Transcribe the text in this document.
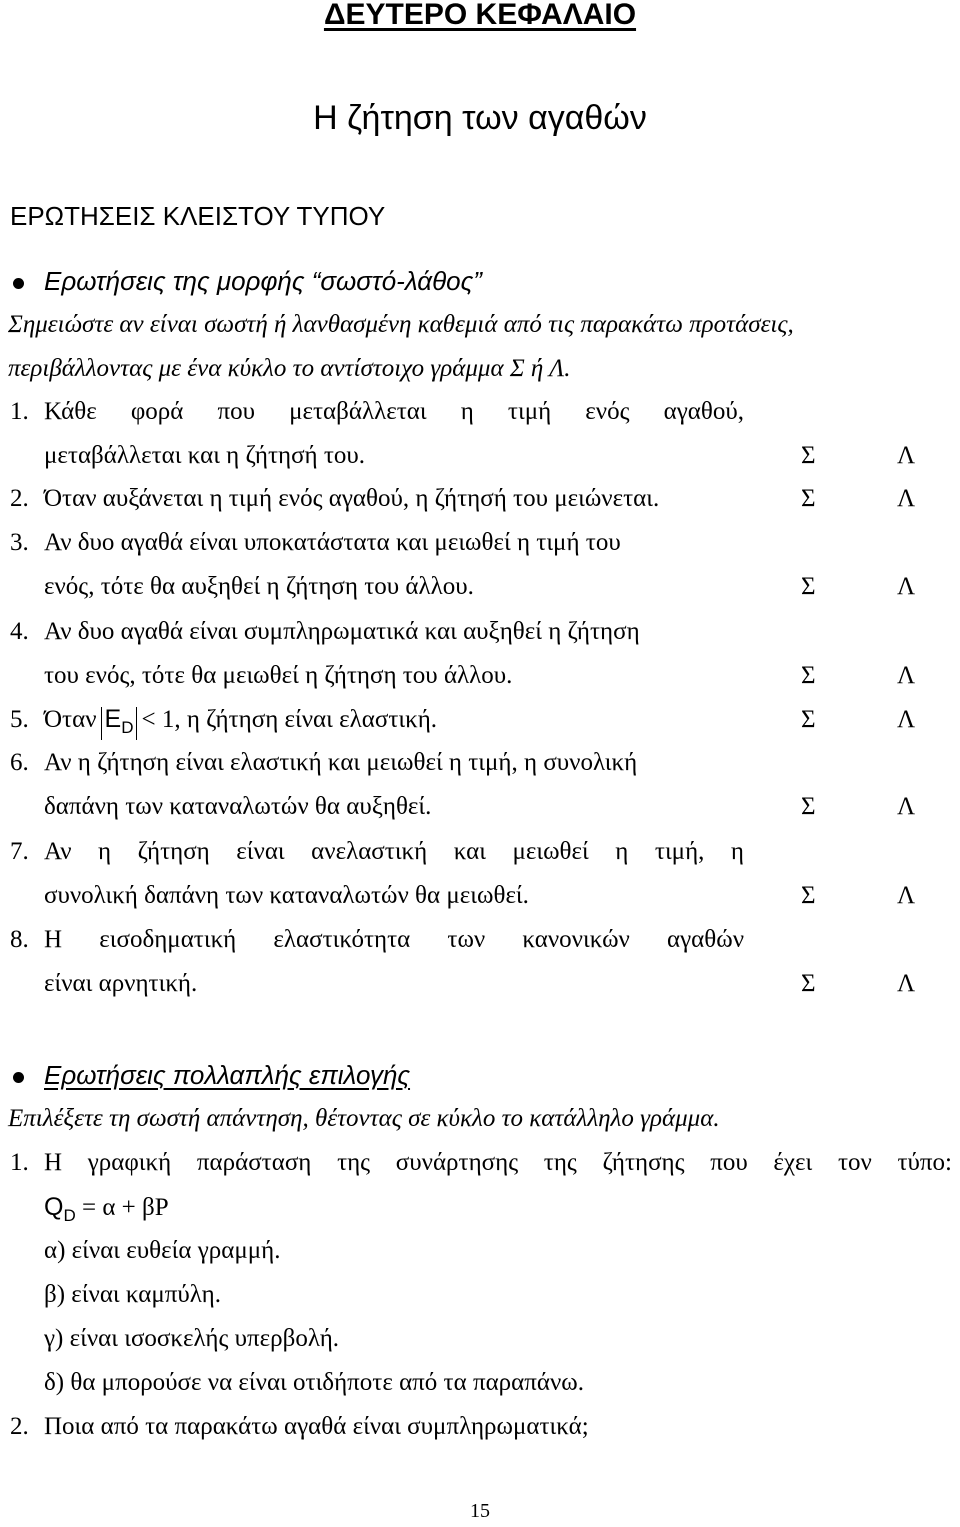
ΔΕΥΤΕΡΟ ΚΕΦΑΛΑΙΟ
Η ζήτηση των αγαθών
ΕΡΩΤΗΣΕΙΣ ΚΛΕΙΣΤΟΥ ΤΥΠΟΥ
Ερωτήσεις της μορφής “σωστό-λάθος”
Σημειώστε αν είναι σωστή ή λανθασμένη καθεμιά από τις παρακάτω προτάσεις,
περιβάλλοντας με ένα κύκλο το αντίστοιχο γράμμα Σ ή Λ.
1. Κάθε φορά που μεταβάλλεται η τιμή ενός αγαθού,
μεταβάλλεται και η ζήτησή του.	Σ	Λ
2. Όταν αυξάνεται η τιμή ενός αγαθού, η ζήτησή του μειώνεται.	Σ	Λ
3. Αν δυο αγαθά είναι υποκατάστατα και μειωθεί η τιμή του
ενός, τότε θα αυξηθεί η ζήτηση του άλλου.	Σ	Λ
4. Αν δυο αγαθά είναι συμπληρωματικά και αυξηθεί η ζήτηση
του ενός, τότε θα μειωθεί η ζήτηση του άλλου.	Σ	Λ
5. Όταν $E_D < 1$, η ζήτηση είναι ελαστική.	Σ	Λ
6. Αν η ζήτηση είναι ελαστική και μειωθεί η τιμή, η συνολική
δαπάνη των καταναλωτών θα αυξηθεί.	Σ	Λ
7. Αν η ζήτηση είναι ανελαστική και μειωθεί η τιμή, η
συνολική δαπάνη των καταναλωτών θα μειωθεί.	Σ	Λ
8. Η εισοδηματική ελαστικότητα των κανονικών αγαθών
είναι αρνητική.	Σ	Λ
Ερωτήσεις πολλαπλής επιλογής
Επιλέξετε τη σωστή απάντηση, θέτοντας σε κύκλο το κατάλληλο γράμμα.
1. Η γραφική παράσταση της συνάρτησης της ζήτησης που έχει τον τύπο:
$Q_D = \alpha + \beta P$
α) είναι ευθεία γραμμή.
β) είναι καμπύλη.
γ) είναι ισοσκελής υπερβολή.
δ) θα μπορούσε να είναι οτιδήποτε από τα παραπάνω.
2. Ποια από τα παρακάτω αγαθά είναι συμπληρωματικά;
15
